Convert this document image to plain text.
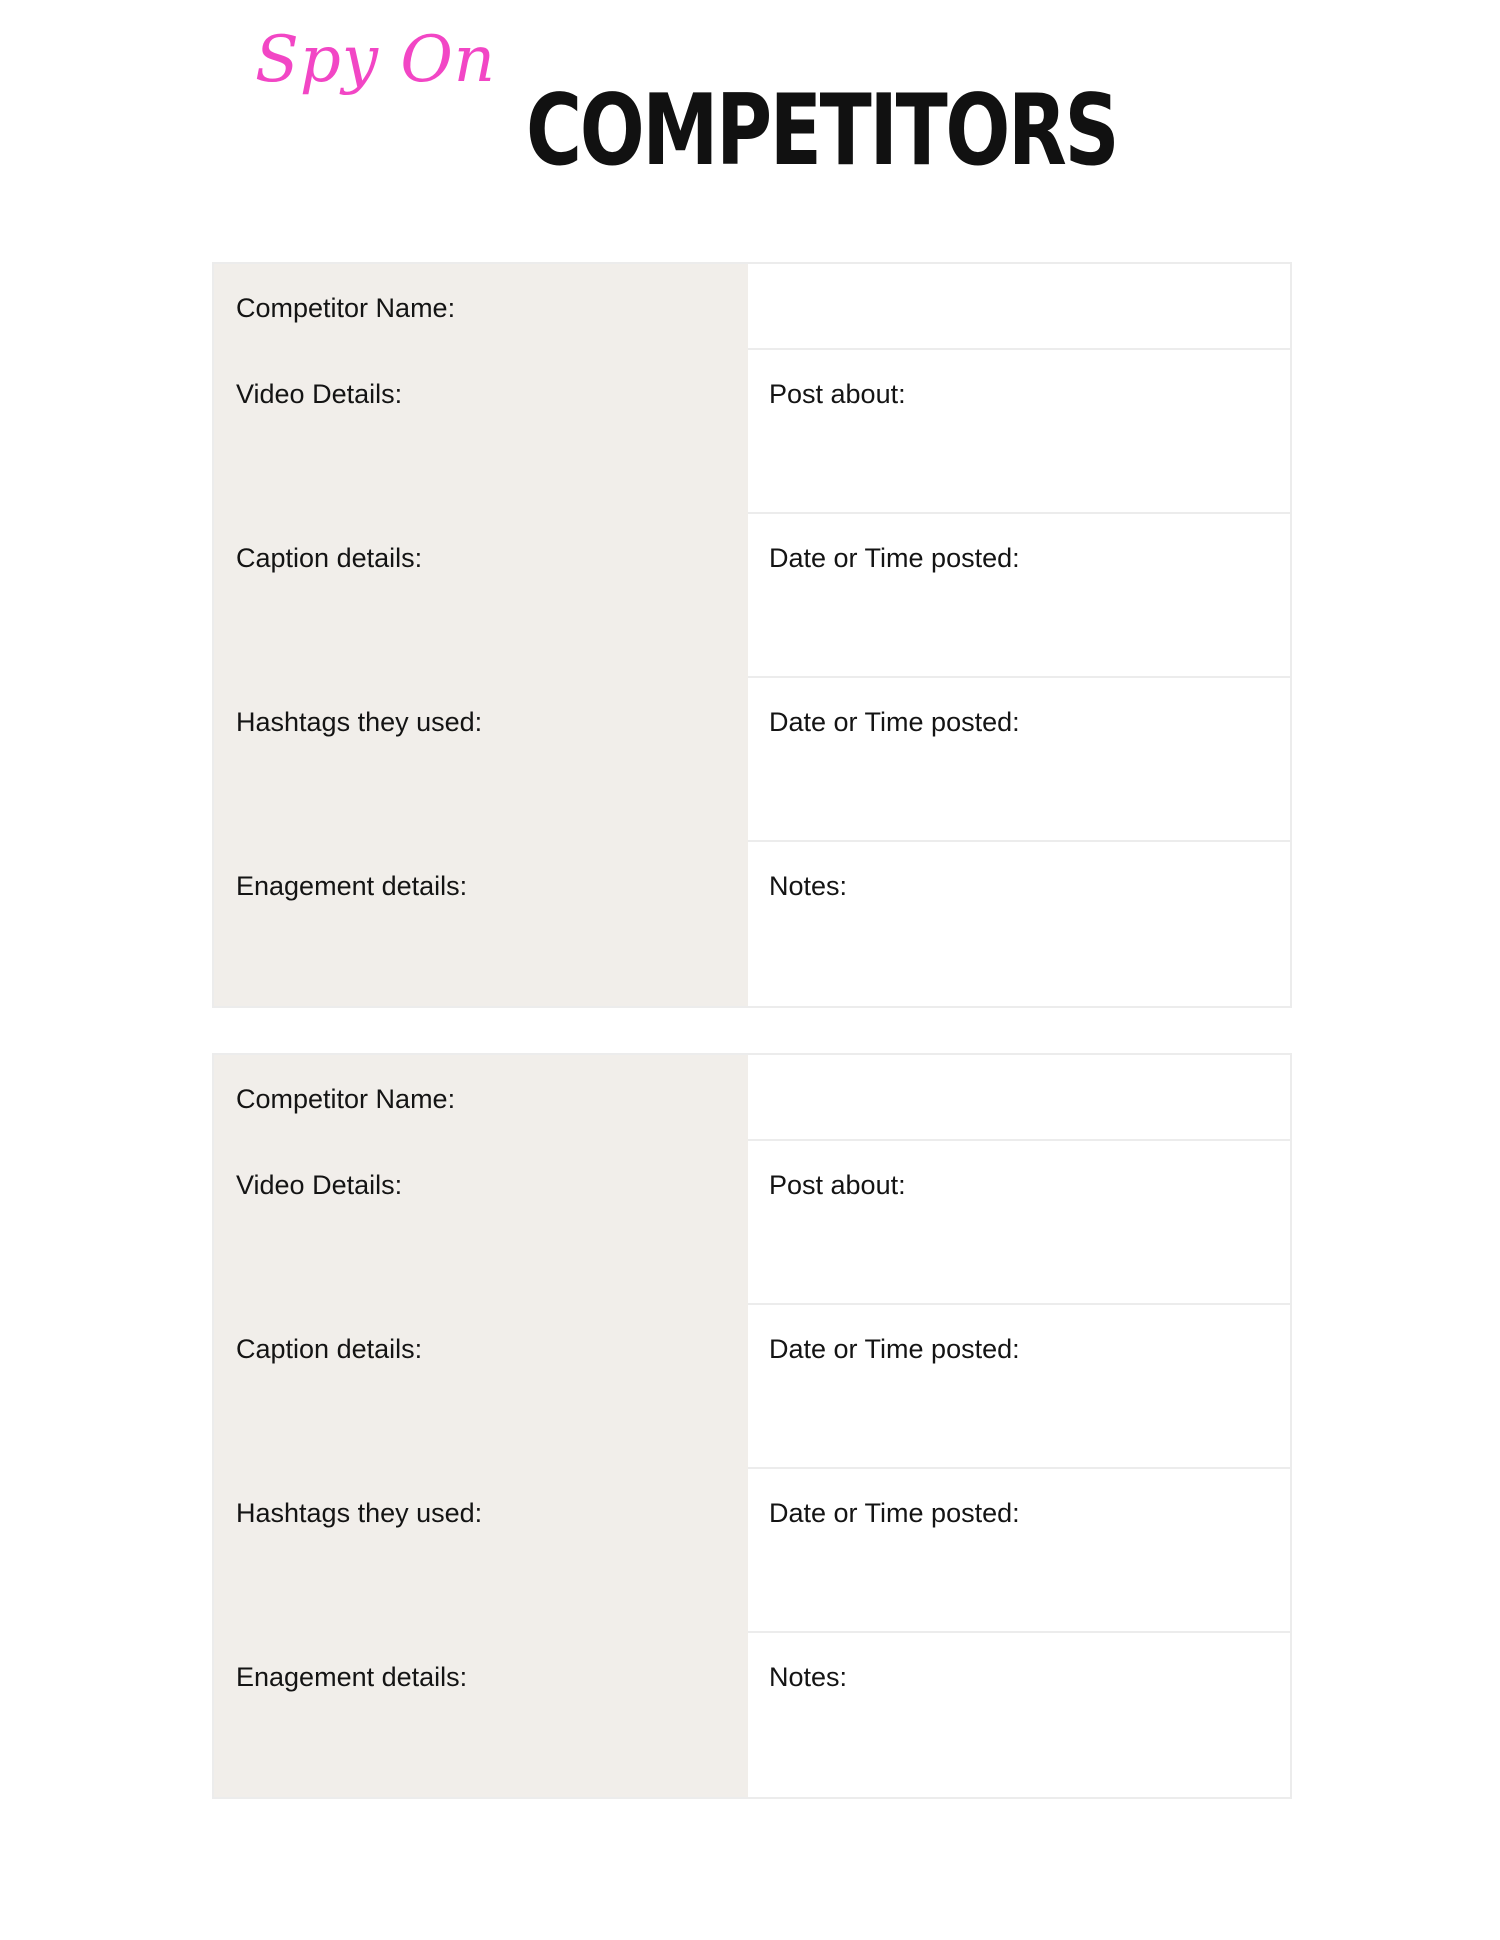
Spy On
COMPETITORS
Competitor Name:
Video Details:	Post about:
Caption details:	Date or Time posted:
Hashtags they used:	Date or Time posted:
Enagement details:	Notes:
Competitor Name:
Video Details:	Post about:
Caption details:	Date or Time posted:
Hashtags they used:	Date or Time posted:
Enagement details:	Notes:
